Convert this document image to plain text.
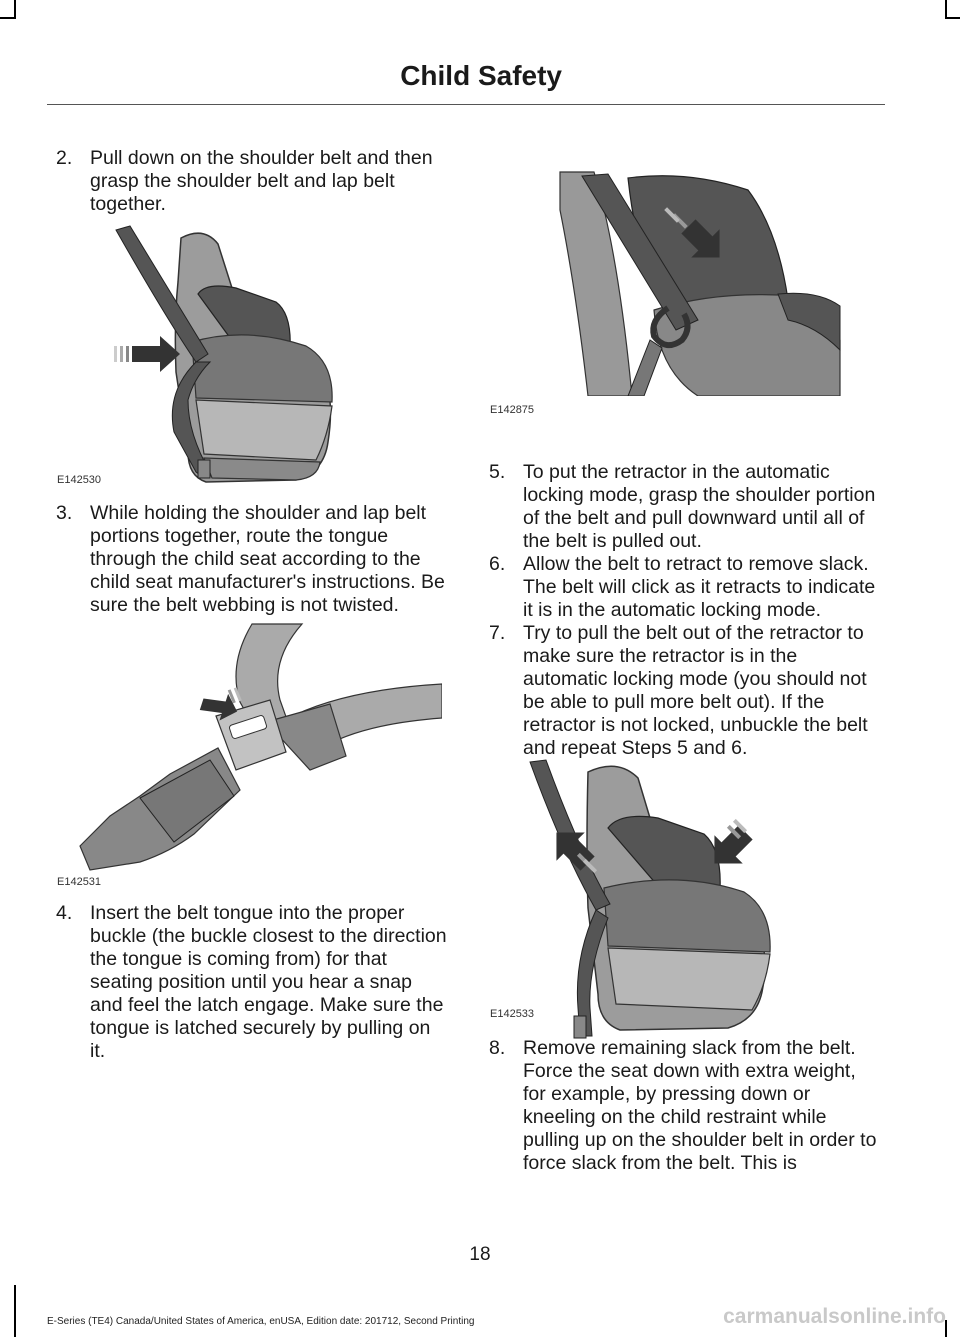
Child Safety
2. Pull down on the shoulder belt and then grasp the shoulder belt and lap belt together.
E142530
3. While holding the shoulder and lap belt portions together, route the tongue through the child seat according to the child seat manufacturer's instructions. Be sure the belt webbing is not twisted.
E142531
4. Insert the belt tongue into the proper buckle (the buckle closest to the direction the tongue is coming from) for that seating position until you hear a snap and feel the latch engage. Make sure the tongue is latched securely by pulling on it.
E142875
5. To put the retractor in the automatic locking mode, grasp the shoulder portion of the belt and pull downward until all of the belt is pulled out.
6. Allow the belt to retract to remove slack. The belt will click as it retracts to indicate it is in the automatic locking mode.
7. Try to pull the belt out of the retractor to make sure the retractor is in the automatic locking mode (you should not be able to pull more belt out). If the retractor is not locked, unbuckle the belt and repeat Steps 5 and 6.
E142533
8. Remove remaining slack from the belt. Force the seat down with extra weight, for example, by pressing down or kneeling on the child restraint while pulling up on the shoulder belt in order to force slack from the belt. This is
18
E-Series (TE4) Canada/United States of America, enUSA, Edition date: 201712, Second Printing	carmanualsonline.info
